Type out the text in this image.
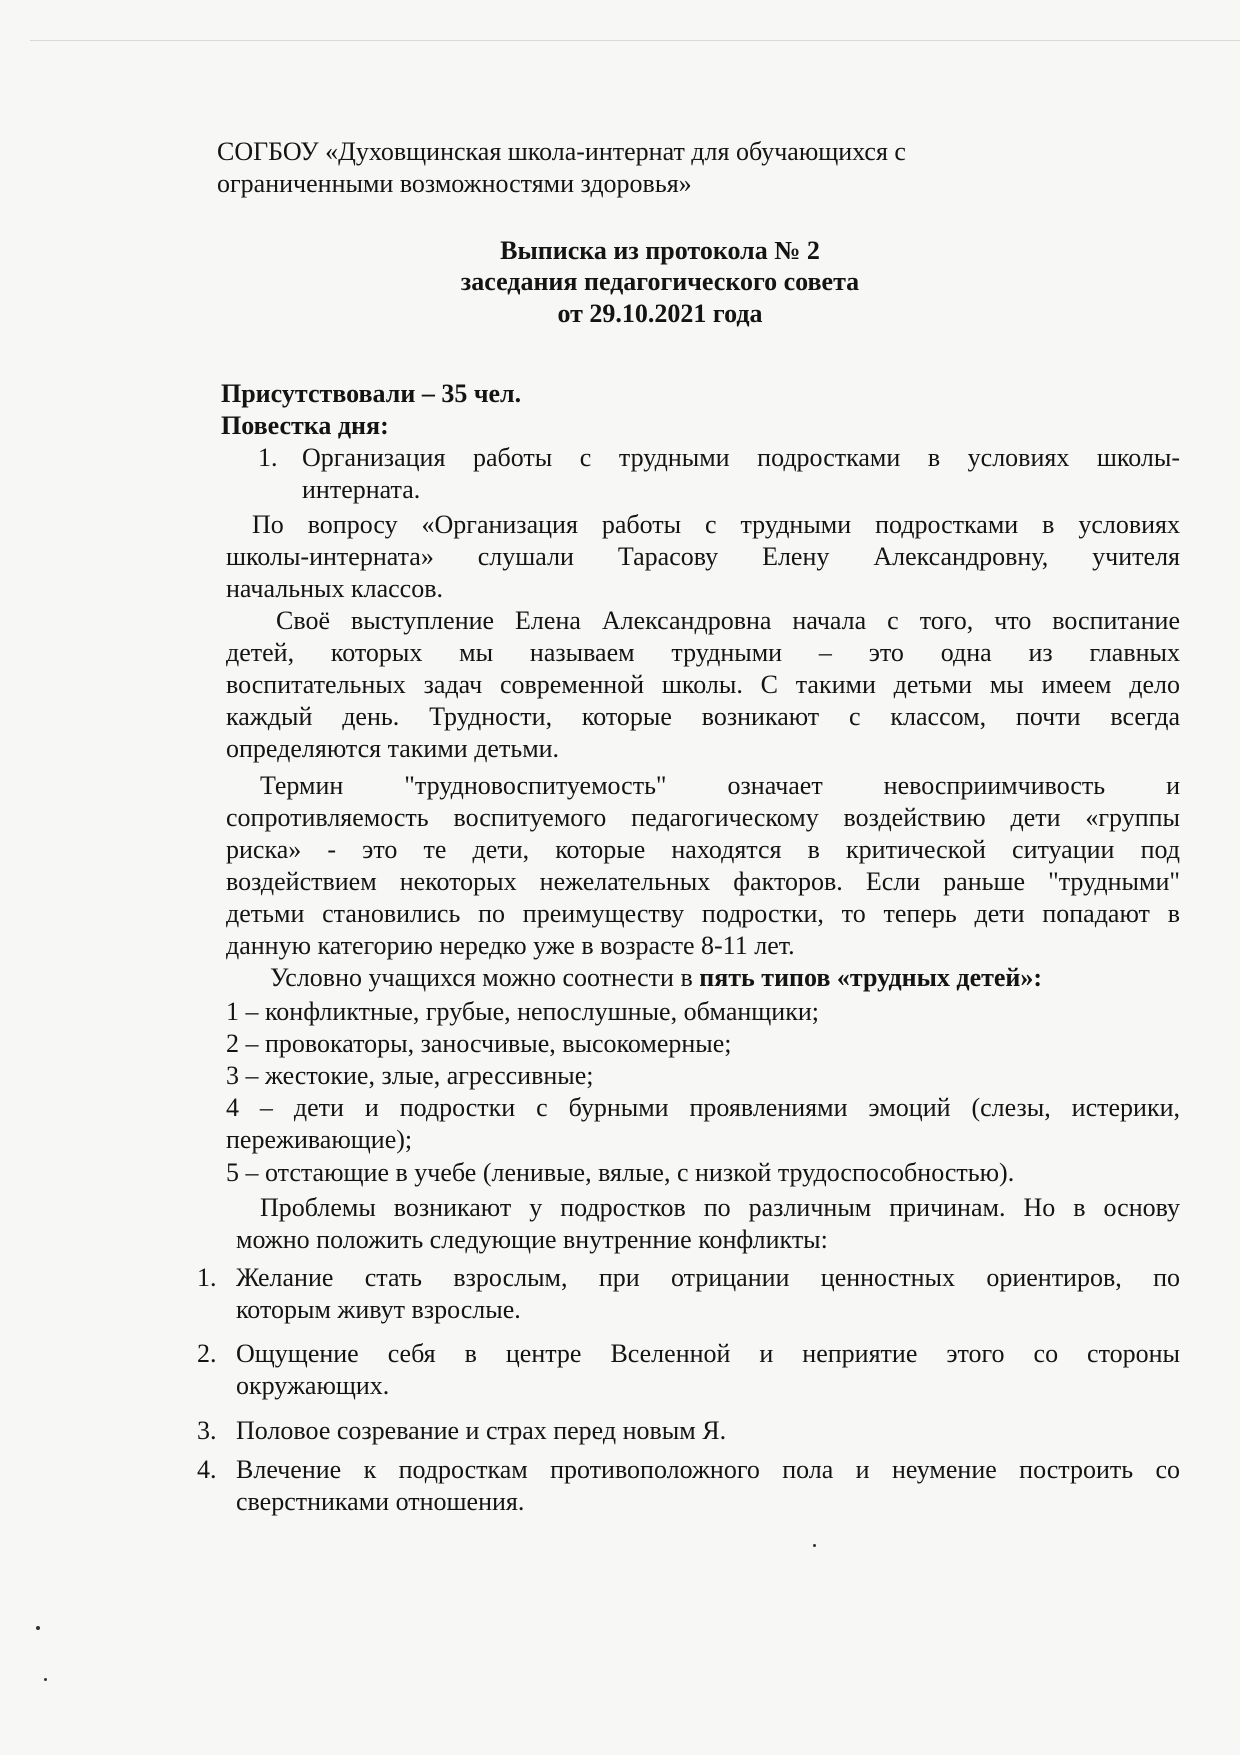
СОГБОУ «Духовщинская школа-интернат для обучающихся с
ограниченными возможностями здоровья»
Выписка из протокола № 2
заседания педагогического совета
от 29.10.2021 года
Присутствовали – 35 чел.
Повестка дня:
1. Организация работы с трудными подростками в условиях школы-
интерната.
По вопросу «Организация работы с трудными подростками в условиях
школы-интерната» слушали Тарасову Елену Александровну, учителя
начальных классов.
Своё выступление Елена Александровна начала с того, что воспитание
детей, которых мы называем трудными – это одна из главных
воспитательных задач современной школы. С такими детьми мы имеем дело
каждый день. Трудности, которые возникают с классом, почти всегда
определяются такими детьми.
Термин "трудновоспитуемость" означает невосприимчивость и
сопротивляемость воспитуемого педагогическому воздействию дети «группы
риска» - это те дети, которые находятся в критической ситуации под
воздействием некоторых нежелательных факторов. Если раньше "трудными"
детьми становились по преимуществу подростки, то теперь дети попадают в
данную категорию нередко уже в возрасте 8-11 лет.
Условно учащихся можно соотнести в пять типов «трудных детей»:
1 – конфликтные, грубые, непослушные, обманщики;
2 – провокаторы, заносчивые, высокомерные;
3 – жестокие, злые, агрессивные;
4 – дети и подростки с бурными проявлениями эмоций (слезы, истерики,
переживающие);
5 – отстающие в учебе (ленивые, вялые, с низкой трудоспособностью).
Проблемы возникают у подростков по различным причинам. Но в основу
можно положить следующие внутренние конфликты:
1. Желание стать взрослым, при отрицании ценностных ориентиров, по
которым живут взрослые.
2. Ощущение себя в центре Вселенной и неприятие этого со стороны
окружающих.
3. Половое созревание и страх перед новым Я.
4. Влечение к подросткам противоположного пола и неумение построить со
сверстниками отношения.
